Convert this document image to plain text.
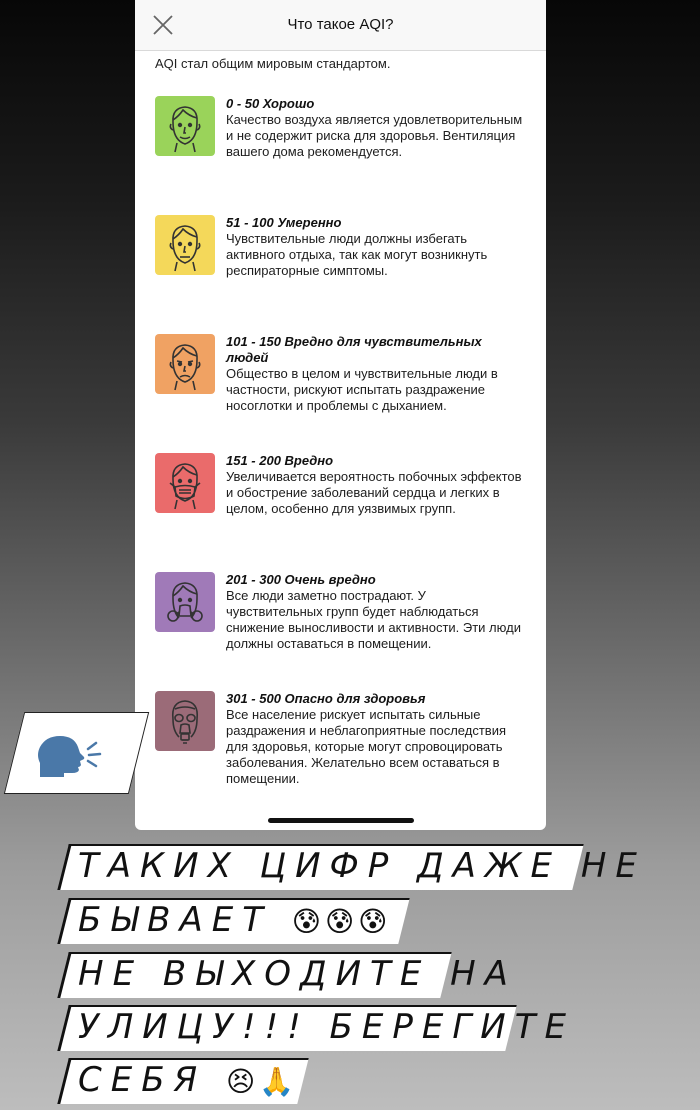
AQI стал общим мировым стандартом.
0 - 50 Хорошо
Качество воздуха является удовлетворительным и не содержит риска для здоровья. Вентиляция вашего дома рекомендуется.
51 - 100 Умеренно
Чувствительные люди должны избегать активного отдыха, так как могут возникнуть респираторные симптомы.
101 - 150 Вредно для чувствительных людей
Общество в целом и чувствительные люди в частности, рискуют испытать раздражение носоглотки и проблемы с дыханием.
151 - 200 Вредно
Увеличивается вероятность побочных эффектов и обострение заболеваний сердца и легких в целом, особенно для уязвимых групп.
201 - 300 Очень вредно
Все люди заметно пострадают. У чувствительных групп будет наблюдаться снижение выносливости и активности. Эти люди должны оставаться в помещении.
301 - 500 Опасно для здоровья
Все население рискует испытать сильные раздражения и неблагоприятные последствия для здоровья, которые могут спровоцировать заболевания. Желательно всем оставаться в помещении.
Что такое AQI?
ТАКИХ ЦИФР ДАЖЕ НЕ
БЫВАЕТ 😰😰😰
НЕ ВЫХОДИТЕ НА
УЛИЦУ!!! БЕРЕГИТЕ
СЕБЯ 😣🙏
